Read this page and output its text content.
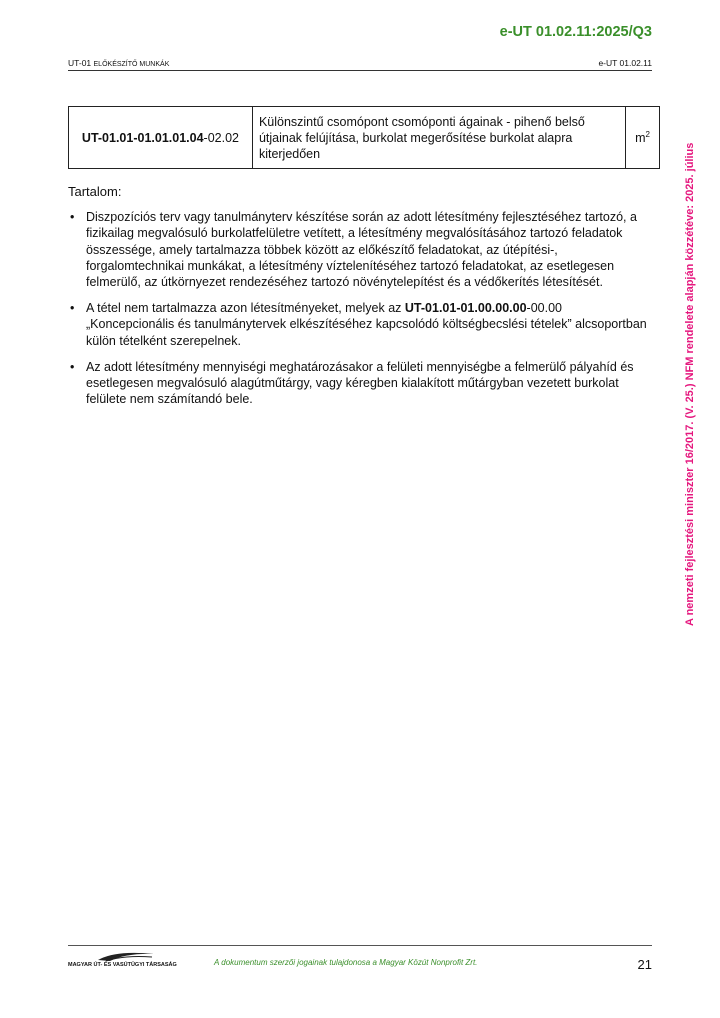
e-UT 01.02.11:2025/Q3
UT-01 ELŐKÉSZÍTŐ MUNKÁK	e-UT 01.02.11
UT-01.01-01.01.01.04-02.02	Különszintű csomópont csomóponti ágainak - pihenő belső útjainak felújítása, burkolat megerősítése burkolat alapra kiterjedően	$m^2$
Tartalom:
• Diszpozíciós terv vagy tanulmányterv készítése során az adott létesítmény fejlesztéséhez tartozó, a fizikailag megvalósuló burkolatfelületre vetített, a létesítmény megvalósításához tartozó feladatok összessége, amely tartalmazza többek között az előkészítő feladatokat, az útépítési-, forgalomtechnikai munkákat, a létesítmény víztelenítéséhez tartozó feladatokat, az esetlegesen felmerülő, az útkörnyezet rendezéséhez tartozó növénytelepítést és a védőkerítés létesítését.
• A tétel nem tartalmazza azon létesítményeket, melyek az UT-01.01-01.00.00.00-00.00 „Koncepcionális és tanulmánytervek elkészítéséhez kapcsolódó költségbecslési tételek” alcsoportban külön tételként szerepelnek.
• Az adott létesítmény mennyiségi meghatározásakor a felületi mennyiségbe a felmerülő pályahíd és esetlegesen megvalósuló alagútműtárgy, vagy kéregben kialakított műtárgyban vezetett burkolat felülete nem számítandó bele.	A nemzeti fejlesztési miniszter 16/2017. (V. 25.) NFM rendelete alapján közzétéve: 2025. július
MAGYAR ÚT- ÉS VASÚTÜGYI TÁRSASÁG	A dokumentum szerzői jogainak tulajdonosa a Magyar Közút Nonprofit Zrt.	21
